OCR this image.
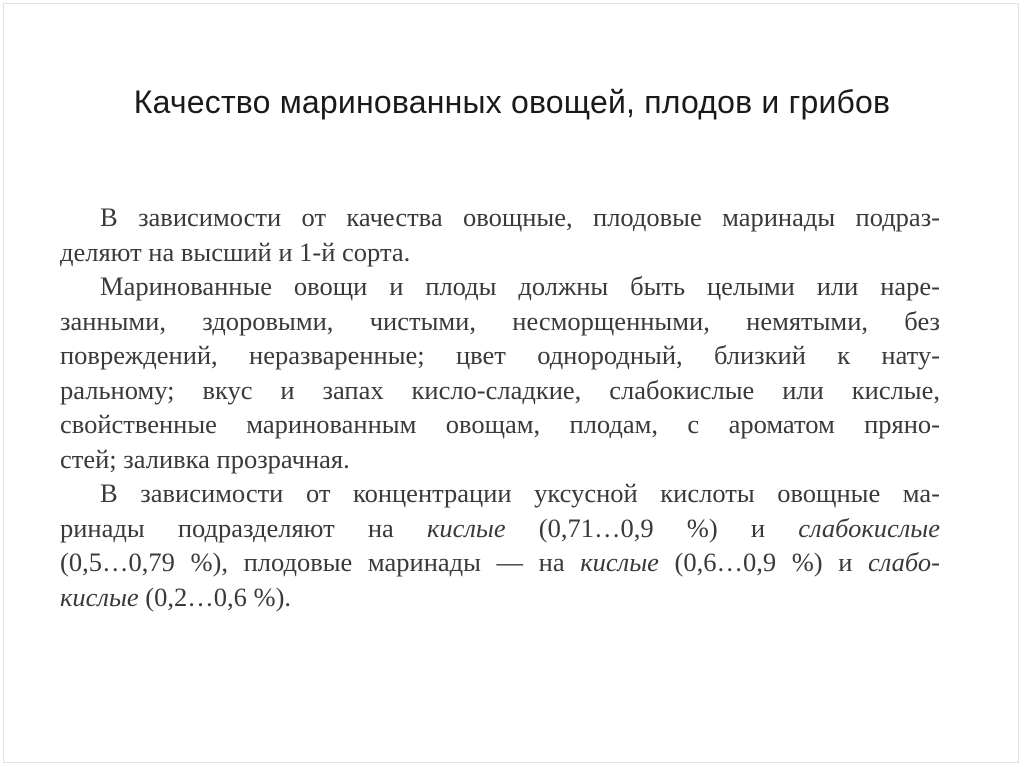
Качество маринованных овощей, плодов и грибов
В зависимости от качества овощные, плодовые маринады подраз-
деляют на высший и 1-й сорта.
Маринованные овощи и плоды должны быть целыми или наре-
занными, здоровыми, чистыми, несморщенными, немятыми, без
повреждений, неразваренные; цвет однородный, близкий к нату-
ральному; вкус и запах кисло-сладкие, слабокислые или кислые,
свойственные маринованным овощам, плодам, с ароматом пряно-
стей; заливка прозрачная.
В зависимости от концентрации уксусной кислоты овощные ма-
ринады подразделяют на кислые (0,71…0,9 %) и слабокислые
(0,5…0,79 %), плодовые маринады — на кислые (0,6…0,9 %) и слабо-
кислые (0,2…0,6 %).
